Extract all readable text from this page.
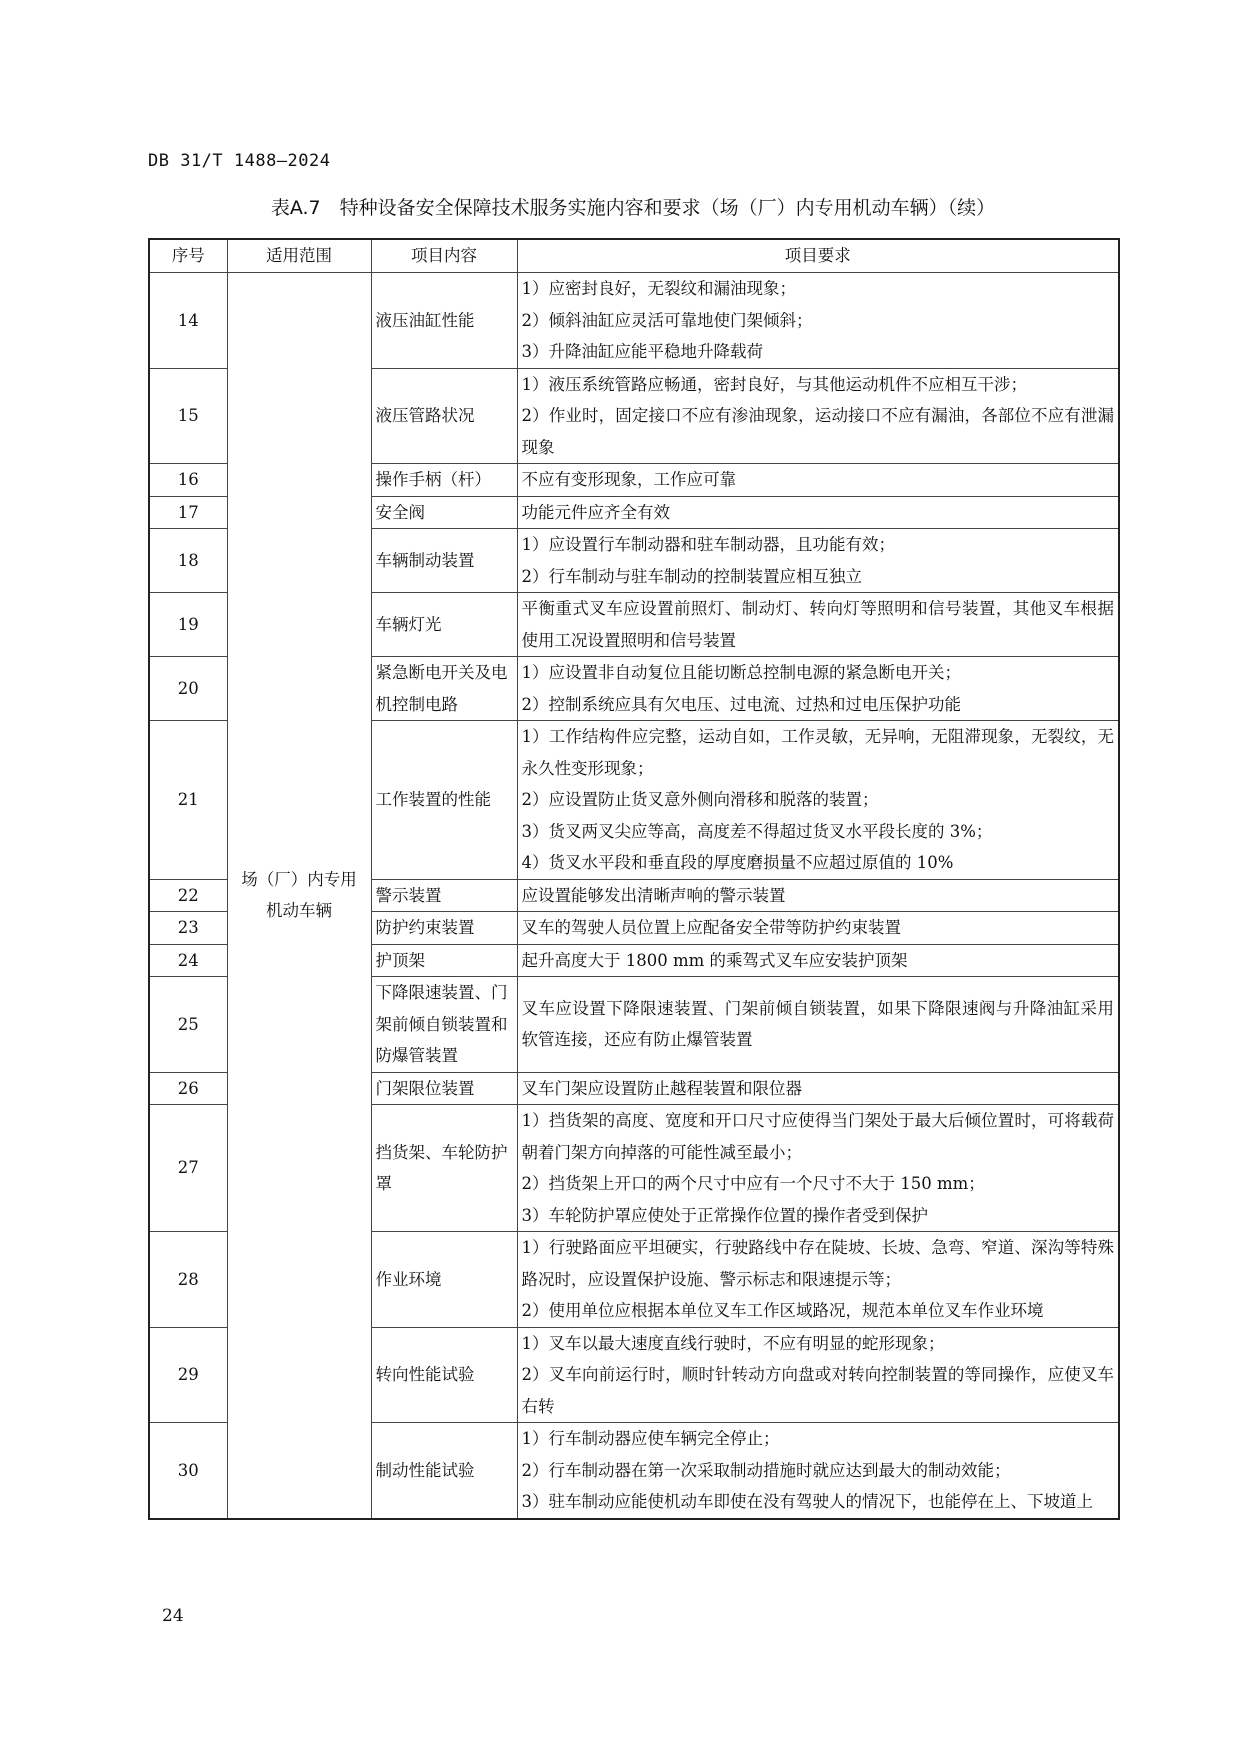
DB 31/T 1488—2024
表A.7　特种设备安全保障技术服务实施内容和要求（场（厂）内专用机动车辆）（续）
序号	适用范围	项目内容	项目要求
14	场（厂）内专用
机动车辆	液压油缸性能	1）应密封良好，无裂纹和漏油现象；
2）倾斜油缸应灵活可靠地使门架倾斜；
3）升降油缸应能平稳地升降载荷

15		液压管路状况	1）液压系统管路应畅通，密封良好，与其他运动机件不应相互干涉；
2）作业时，固定接口不应有渗油现象，运动接口不应有漏油，各部位不应有泄漏现象

16		操作手柄（杆）	不应有变形现象，工作应可靠

17		安全阀	功能元件应齐全有效

18		车辆制动装置	1）应设置行车制动器和驻车制动器，且功能有效；
2）行车制动与驻车制动的控制装置应相互独立

19		车辆灯光	平衡重式叉车应设置前照灯、制动灯、转向灯等照明和信号装置，其他叉车根据使用工况设置照明和信号装置

20		紧急断电开关及电机控制电路	1）应设置非自动复位且能切断总控制电源的紧急断电开关；
2）控制系统应具有欠电压、过电流、过热和过电压保护功能

21		工作装置的性能	1）工作结构件应完整，运动自如，工作灵敏，无异响，无阻滞现象，无裂纹，无永久性变形现象；
2）应设置防止货叉意外侧向滑移和脱落的装置；
3）货叉两叉尖应等高，高度差不得超过货叉水平段长度的 3%；
4）货叉水平段和垂直段的厚度磨损量不应超过原值的 10%

22		警示装置	应设置能够发出清晰声响的警示装置

23		防护约束装置	叉车的驾驶人员位置上应配备安全带等防护约束装置

24		护顶架	起升高度大于 1800 mm 的乘驾式叉车应安装护顶架

25		下降限速装置、门架前倾自锁装置和防爆管装置	叉车应设置下降限速装置、门架前倾自锁装置，如果下降限速阀与升降油缸采用软管连接，还应有防止爆管装置

26		门架限位装置	叉车门架应设置防止越程装置和限位器

27		挡货架、车轮防护罩	1）挡货架的高度、宽度和开口尺寸应使得当门架处于最大后倾位置时，可将载荷朝着门架方向掉落的可能性减至最小；
2）挡货架上开口的两个尺寸中应有一个尺寸不大于 150 mm；
3）车轮防护罩应使处于正常操作位置的操作者受到保护

28		作业环境	1）行驶路面应平坦硬实，行驶路线中存在陡坡、长坡、急弯、窄道、深沟等特殊路况时，应设置保护设施、警示标志和限速提示等；
2）使用单位应根据本单位叉车工作区域路况，规范本单位叉车作业环境

29		转向性能试验	1）叉车以最大速度直线行驶时，不应有明显的蛇形现象；
2）叉车向前运行时，顺时针转动方向盘或对转向控制装置的等同操作，应使叉车右转

30		制动性能试验	1）行车制动器应使车辆完全停止；
2）行车制动器在第一次采取制动措施时就应达到最大的制动效能；
3）驻车制动应能使机动车即使在没有驾驶人的情况下，也能停在上、下坡道上
24
